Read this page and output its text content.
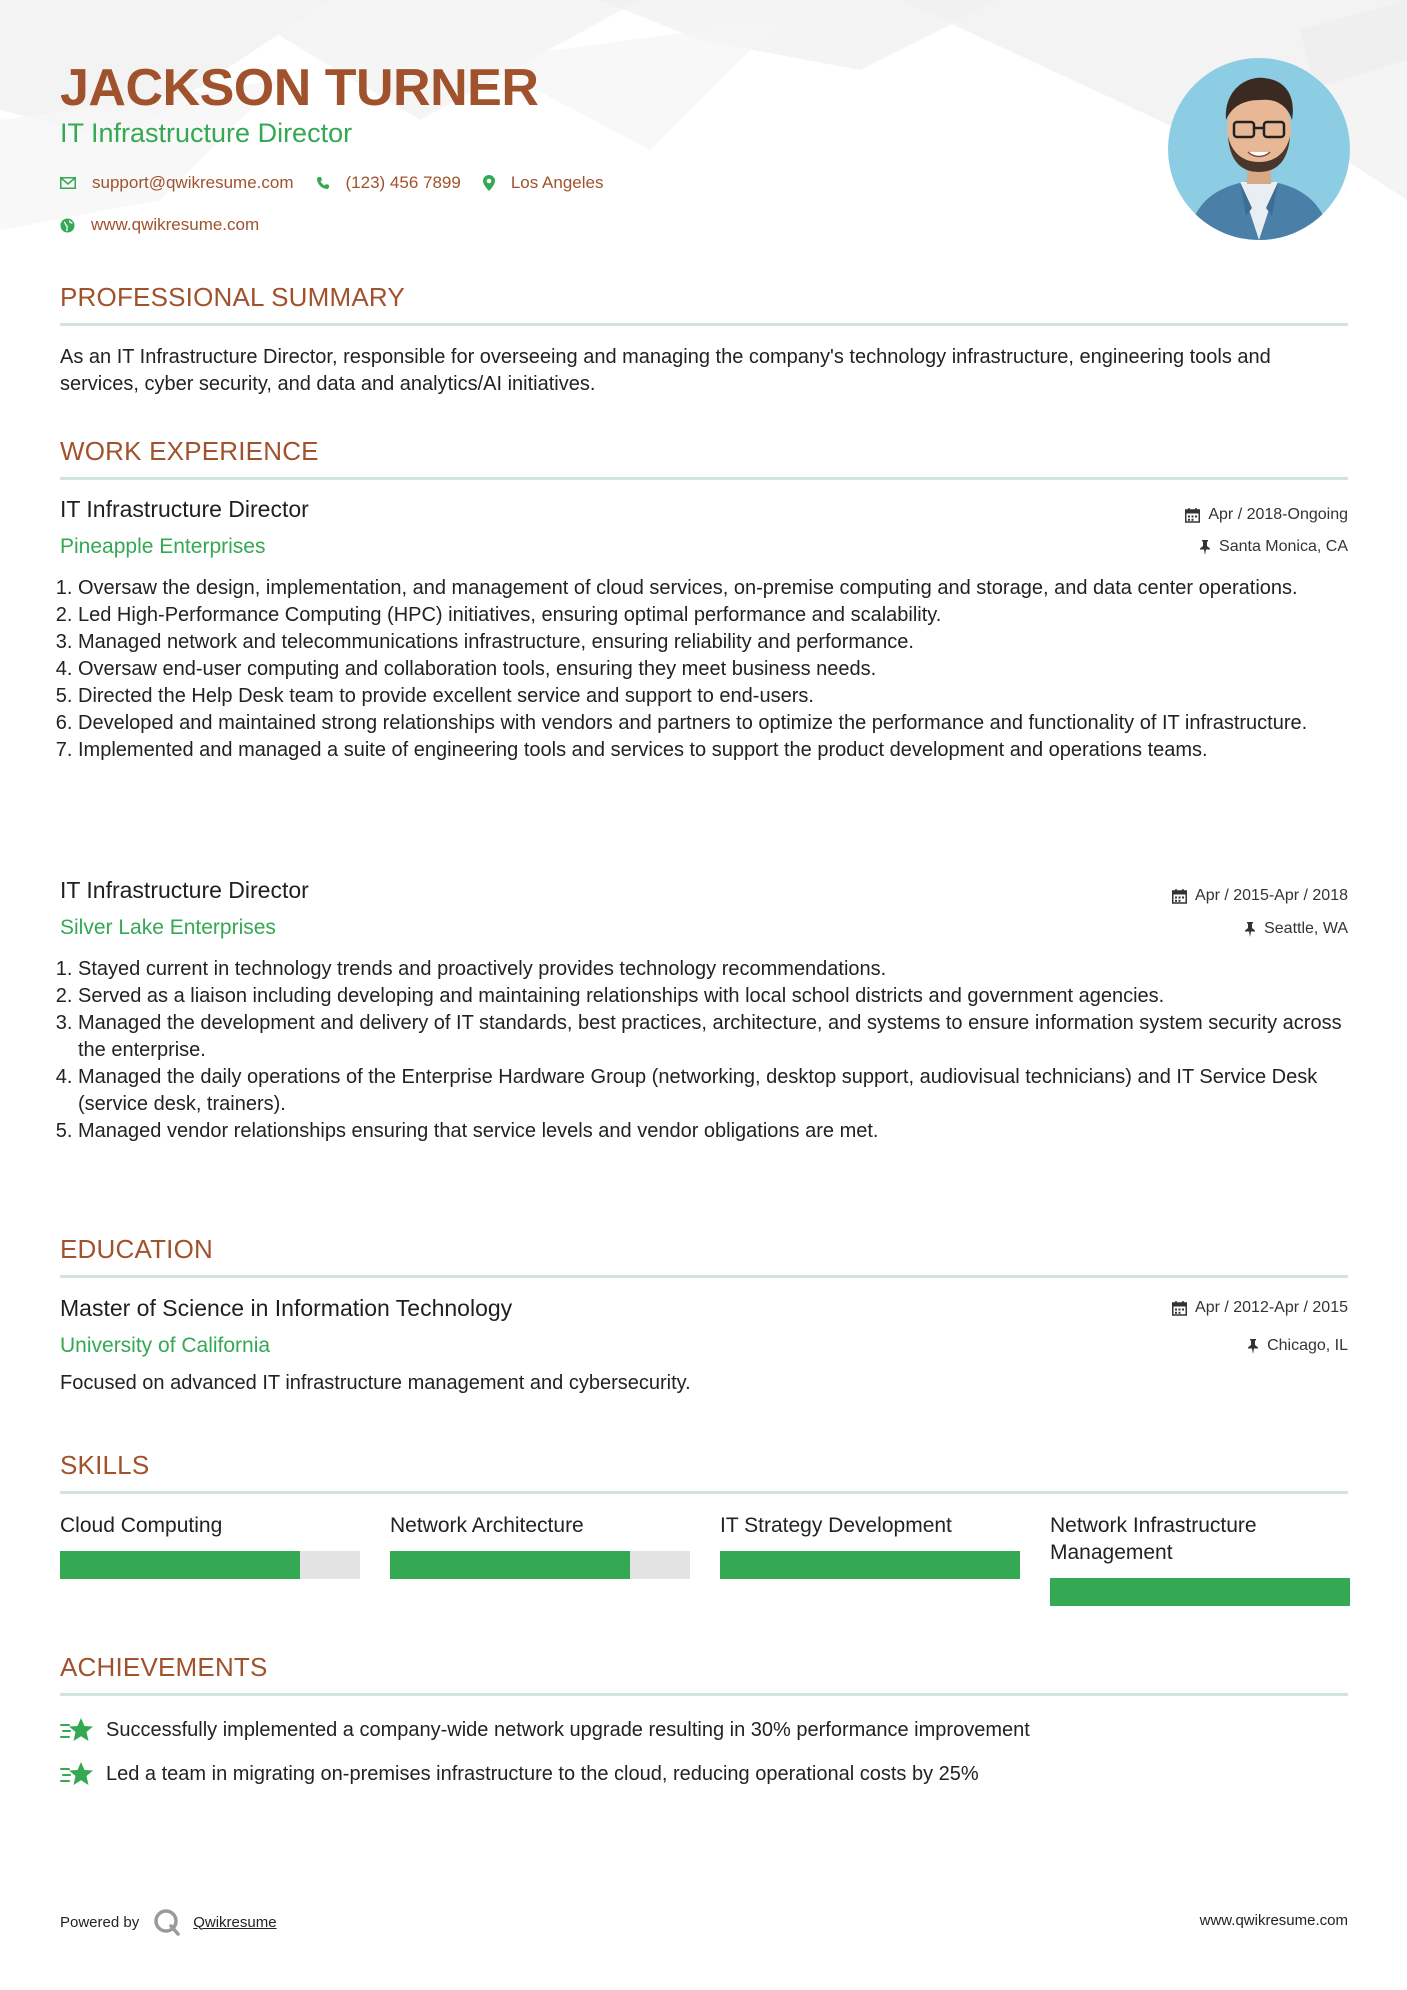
JACKSON TURNER
IT Infrastructure Director
support@qwikresume.com	(123) 456 7899	Los Angeles
www.qwikresume.com
PROFESSIONAL SUMMARY
As an IT Infrastructure Director, responsible for overseeing and managing the company's technology infrastructure, engineering tools and services, cyber security, and data and analytics/AI initiatives.
WORK EXPERIENCE
IT Infrastructure Director
Pineapple Enterprises
Apr / 2018-Ongoing
Santa Monica, CA
1. Oversaw the design, implementation, and management of cloud services, on-premise computing and storage, and data center operations.
2. Led High-Performance Computing (HPC) initiatives, ensuring optimal performance and scalability.
3. Managed network and telecommunications infrastructure, ensuring reliability and performance.
4. Oversaw end-user computing and collaboration tools, ensuring they meet business needs.
5. Directed the Help Desk team to provide excellent service and support to end-users.
6. Developed and maintained strong relationships with vendors and partners to optimize the performance and functionality of IT infrastructure.
7. Implemented and managed a suite of engineering tools and services to support the product development and operations teams.
IT Infrastructure Director
Silver Lake Enterprises
Apr / 2015-Apr / 2018
Seattle, WA
1. Stayed current in technology trends and proactively provides technology recommendations.
2. Served as a liaison including developing and maintaining relationships with local school districts and government agencies.
3. Managed the development and delivery of IT standards, best practices, architecture, and systems to ensure information system security across the enterprise.
4. Managed the daily operations of the Enterprise Hardware Group (networking, desktop support, audiovisual technicians) and IT Service Desk (service desk, trainers).
5. Managed vendor relationships ensuring that service levels and vendor obligations are met.
EDUCATION
Master of Science in Information Technology
University of California
Apr / 2012-Apr / 2015
Chicago, IL
Focused on advanced IT infrastructure management and cybersecurity.
SKILLS
Cloud Computing	Network Architecture	IT Strategy Development	Network Infrastructure Management
ACHIEVEMENTS
Successfully implemented a company-wide network upgrade resulting in 30% performance improvement
Led a team in migrating on-premises infrastructure to the cloud, reducing operational costs by 25%
Powered by	Qwikresume	www.qwikresume.com
